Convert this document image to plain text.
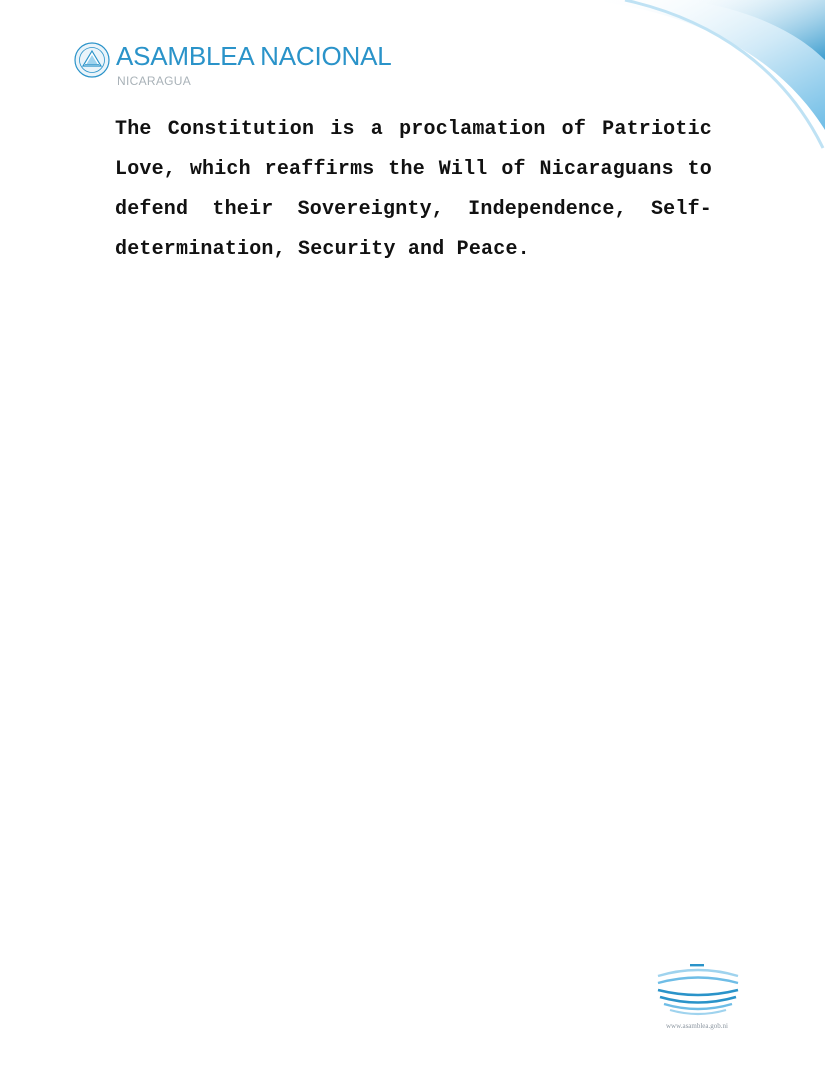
ASAMBLEA NACIONAL
NICARAGUA

The Constitution is a proclamation of Patriotic Love, which reaffirms the Will of Nicaraguans to defend their Sovereignty, Independence, Self-determination, Security and Peace.

www.asamblea.gob.ni
